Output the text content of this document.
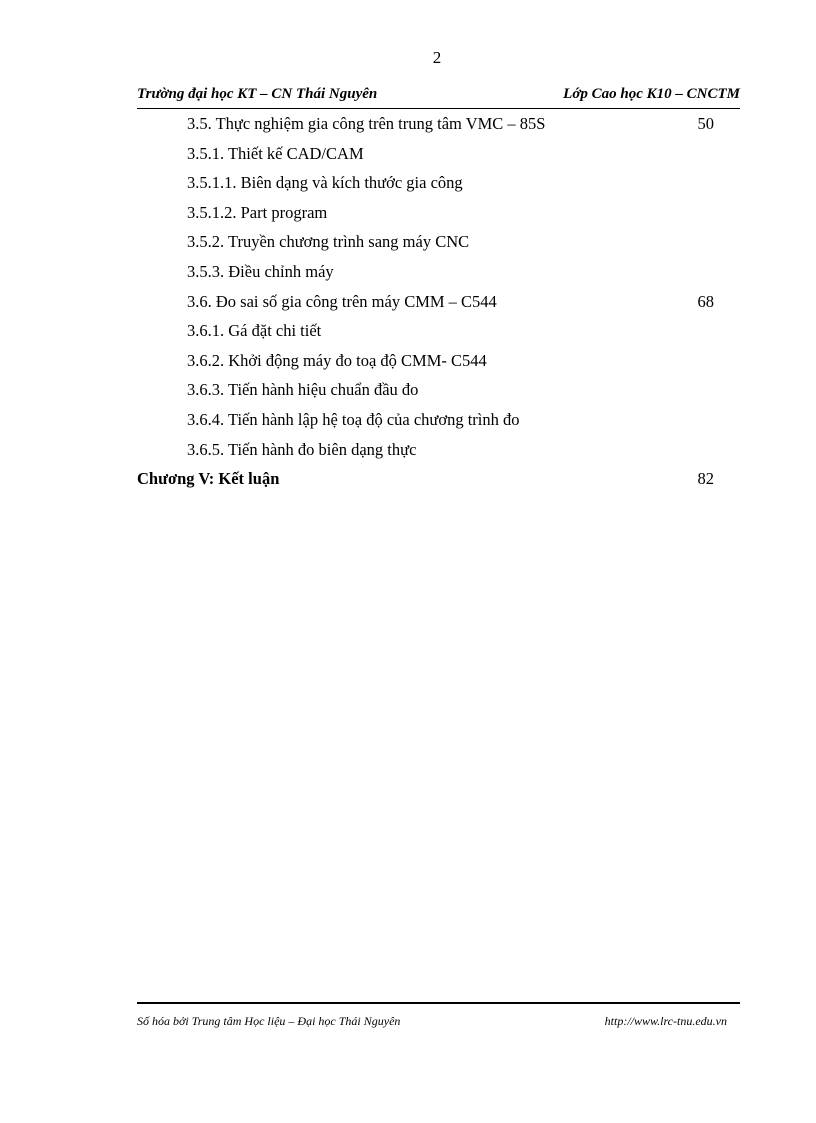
2
Trường đại học KT – CN Thái Nguyên	Lớp Cao học K10 – CNCTM
3.5. Thực nghiệm gia công trên trung tâm VMC – 85S	50
3.5.1. Thiết kế CAD/CAM
3.5.1.1. Biên dạng và kích thước gia công
3.5.1.2. Part program
3.5.2. Truyền chương trình sang máy CNC
3.5.3. Điều chỉnh máy
3.6. Đo sai số gia công trên máy CMM – C544	68
3.6.1. Gá đặt chi tiết
3.6.2. Khởi động máy đo toạ độ CMM- C544
3.6.3. Tiến hành hiệu chuẩn đầu đo
3.6.4. Tiến hành lập hệ toạ độ của chương trình đo
3.6.5. Tiến hành đo biên dạng thực
Chương V: Kết luận	82
Số hóa bởi Trung tâm Học liệu – Đại học Thái Nguyên	http://www.lrc-tnu.edu.vn
